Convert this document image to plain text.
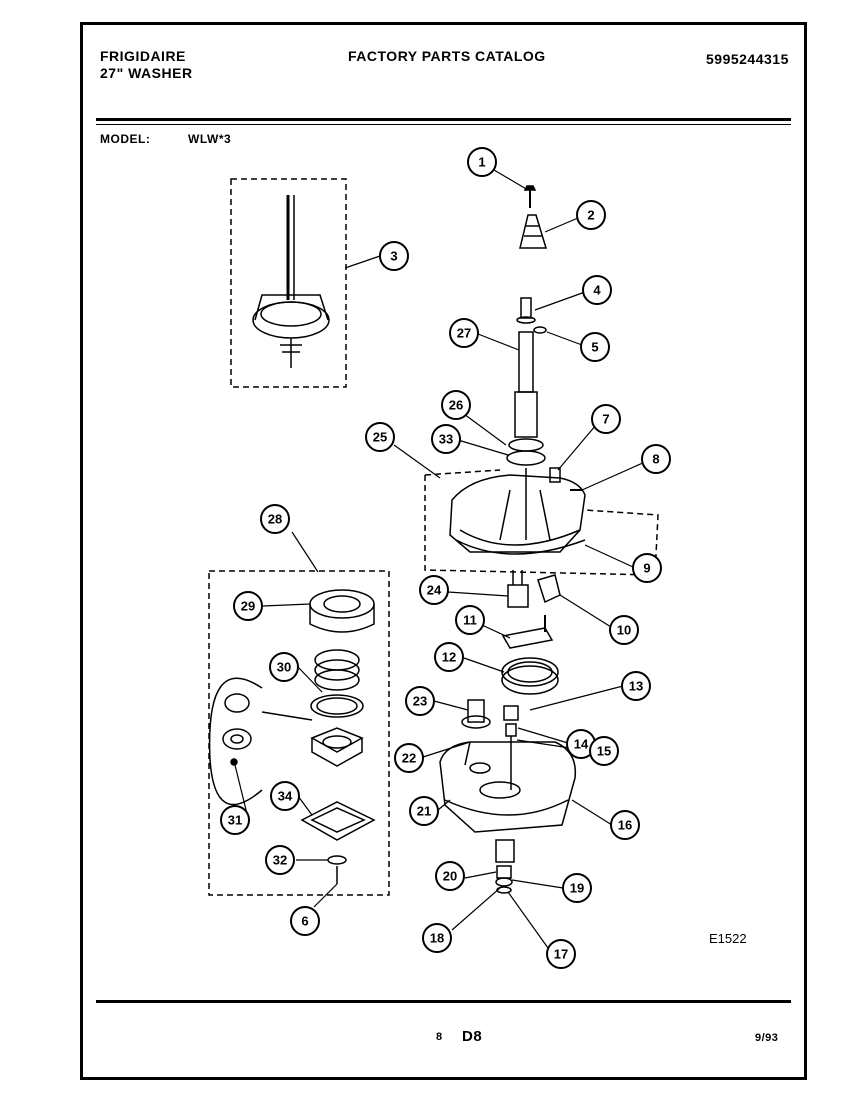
FRIGIDAIRE
27" WASHER
FACTORY PARTS CATALOG	5995244315
MODEL:	WLW*3
1
2
3
4
5
6
7
8
9
10
11
12
13
14 15
16
17
18
19
20
21
22
23
24
25
26
27
28
29
30
31
32
33
34
E1522
8 D8	9/93
